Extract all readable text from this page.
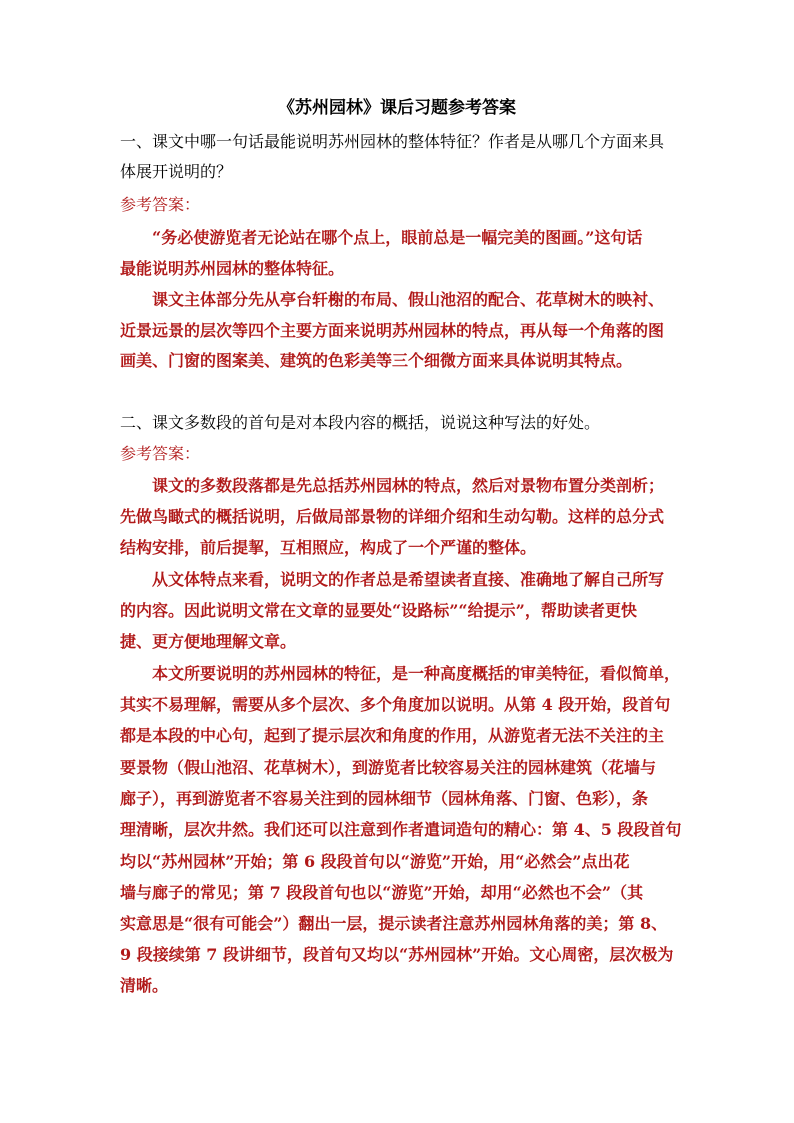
《苏州园林》课后习题参考答案
一、课文中哪一句话最能说明苏州园林的整体特征？作者是从哪几个方面来具
体展开说明的？
参考答案：
“务必使游览者无论站在哪个点上，眼前总是一幅完美的图画。”这句话
最能说明苏州园林的整体特征。
课文主体部分先从亭台轩榭的布局、假山池沼的配合、花草树木的映衬、
近景远景的层次等四个主要方面来说明苏州园林的特点，再从每一个角落的图
画美、门窗的图案美、建筑的色彩美等三个细微方面来具体说明其特点。
二、课文多数段的首句是对本段内容的概括，说说这种写法的好处。
参考答案：
课文的多数段落都是先总括苏州园林的特点，然后对景物布置分类剖析；
先做鸟瞰式的概括说明，后做局部景物的详细介绍和生动勾勒。这样的总分式
结构安排，前后提挈，互相照应，构成了一个严谨的整体。
从文体特点来看，说明文的作者总是希望读者直接、准确地了解自己所写
的内容。因此说明文常在文章的显要处“设路标”“给提示”，帮助读者更快
捷、更方便地理解文章。
本文所要说明的苏州园林的特征，是一种高度概括的审美特征，看似简单，
其实不易理解，需要从多个层次、多个角度加以说明。从第 4 段开始，段首句
都是本段的中心句，起到了提示层次和角度的作用，从游览者无法不关注的主
要景物（假山池沼、花草树木），到游览者比较容易关注的园林建筑（花墙与
廊子），再到游览者不容易关注到的园林细节（园林角落、门窗、色彩），条
理清晰，层次井然。我们还可以注意到作者遣词造句的精心：第 4、5 段段首句
均以“苏州园林”开始；第 6 段段首句以“游览”开始，用“必然会”点出花
墙与廊子的常见；第 7 段段首句也以“游览”开始，却用“必然也不会”（其
实意思是“很有可能会”）翻出一层，提示读者注意苏州园林角落的美；第 8、
9 段接续第 7 段讲细节，段首句又均以“苏州园林”开始。文心周密，层次极为
清晰。
